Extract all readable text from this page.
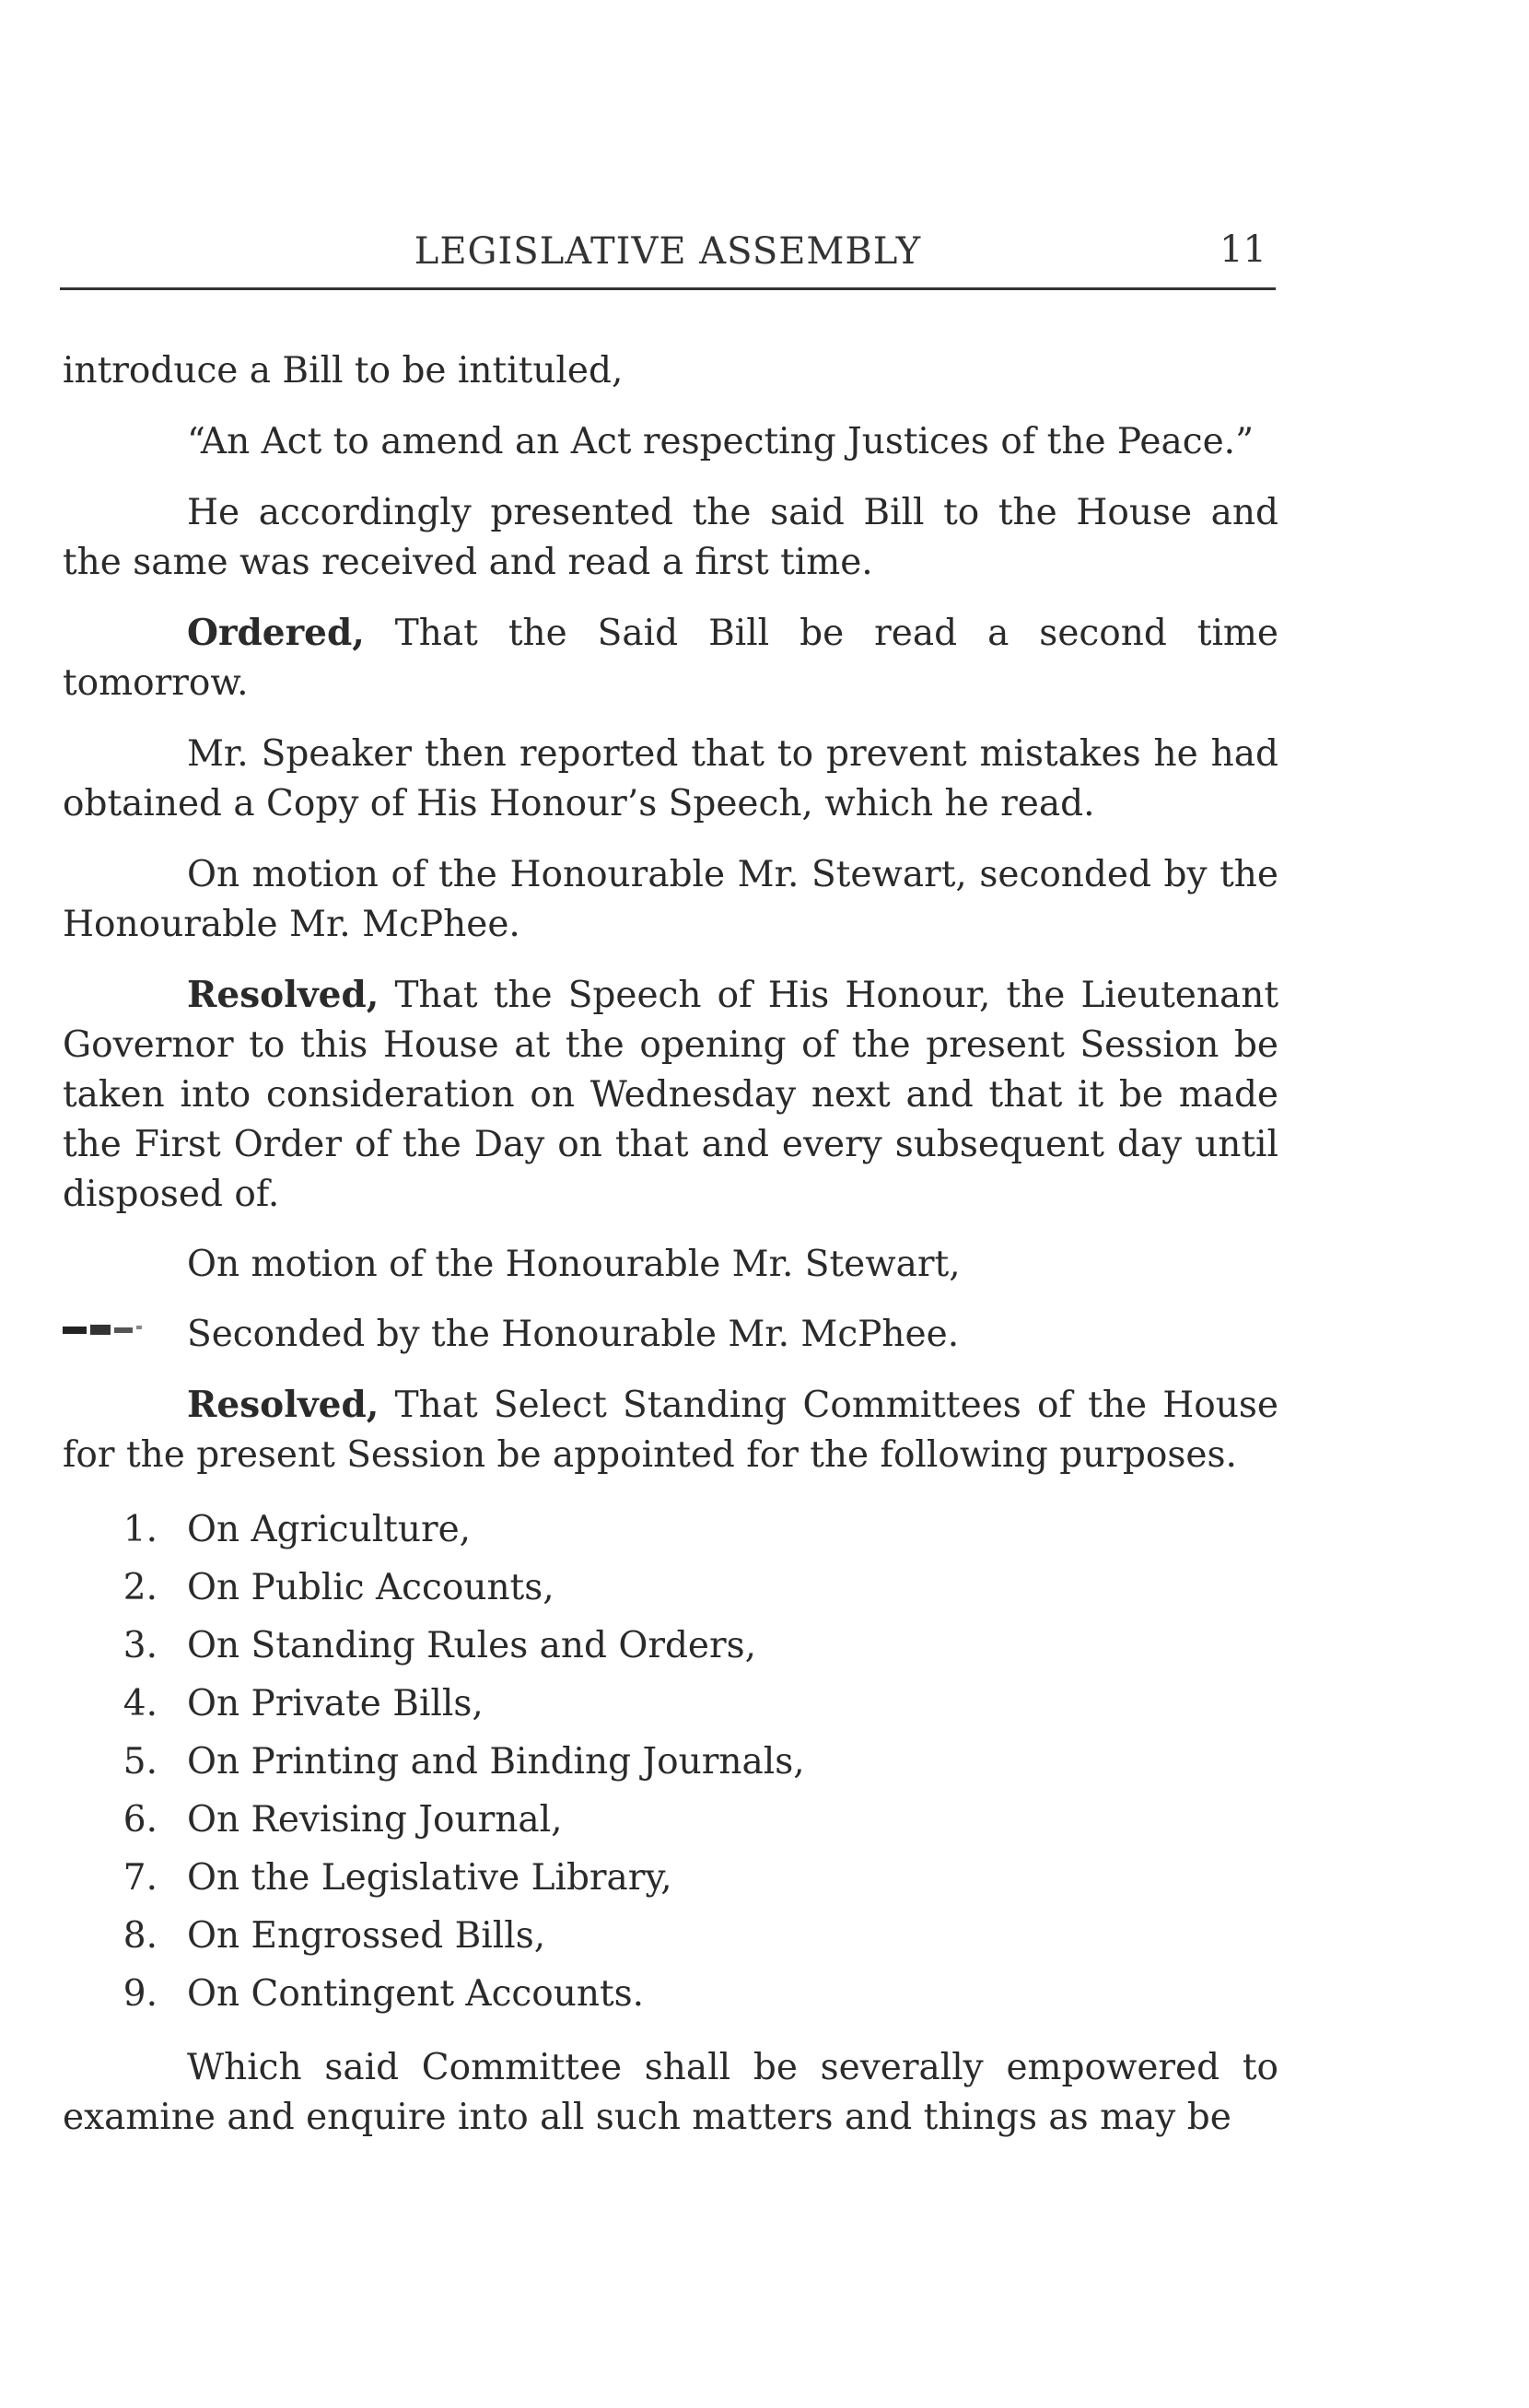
LEGISLATIVE ASSEMBLY	11

introduce a Bill to be intituled,

“An Act to amend an Act respecting Justices of the Peace.”

He accordingly presented the said Bill to the House and the same was received and read a first time.

Ordered, That the Said Bill be read a second time tomorrow.

Mr. Speaker then reported that to prevent mistakes he had obtained a Copy of His Honour’s Speech, which he read.

On motion of the Honourable Mr. Stewart, seconded by the Honourable Mr. McPhee.

Resolved, That the Speech of His Honour, the Lieutenant Governor to this House at the opening of the present Session be taken into consideration on Wednesday next and that it be made the First Order of the Day on that and every subsequent day until disposed of.

On motion of the Honourable Mr. Stewart,
Seconded by the Honourable Mr. McPhee.

Resolved, That Select Standing Committees of the House for the present Session be appointed for the following purposes.

1. On Agriculture,
2. On Public Accounts,
3. On Standing Rules and Orders,
4. On Private Bills,
5. On Printing and Binding Journals,
6. On Revising Journal,
7. On the Legislative Library,
8. On Engrossed Bills,
9. On Contingent Accounts.

Which said Committee shall be severally empowered to examine and enquire into all such matters and things as may be
